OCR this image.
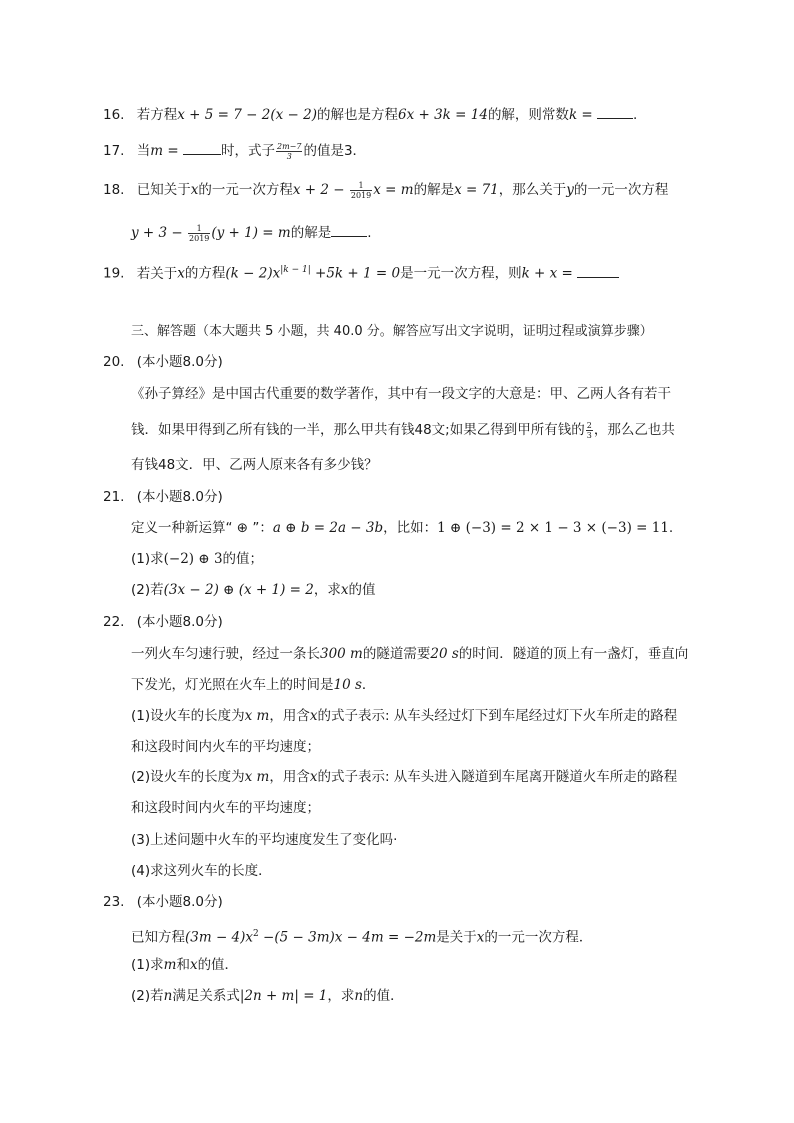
16. 若方程x + 5 = 7 − 2(x − 2)的解也是方程6x + 3k = 14的解，则常数k =	.
17. 当m =	时，式子 $\frac{2m-7}{3}$ 的值是3．
18. 已知关于x的一元一次方程$x + 2 - \frac{1}{2019}$ x = m的解是x = 71，那么关于y的一元一次方程
$y + 3 - \frac{1}{2019} (y + 1) = m$的解是	.
19. 若关于x的方程$(k - 2)x^{|k - 1|} +5k + 1 = 0$是一元一次方程，则k + x =
三、解答题（本大题共 5 小题，共 40.0 分。解答应写出文字说明，证明过程或演算步骤）
20. (本小题8.0分)
《孙子算经》是中国古代重要的数学著作，其中有一段文字的大意是：甲、乙两人各有若干
钱．如果甲得到乙所有钱的一半，那么甲共有钱48文;如果乙得到甲所有钱的 $\frac{2}{3}$ ，那么乙也共
有钱48文．甲、乙两人原来各有多少钱？
21. (本小题8.0分)
定义一种新运算“ ⊕ ”：a ⊕ b = 2a − 3b，比如：1 ⊕ (−3) = 2 × 1 − 3 × (−3) = 11.
(1)求(−2) ⊕ 3的值；
(2)若(3x − 2) ⊕ (x + 1) = 2，求x的值
22. (本小题8.0分)
一列火车匀速行驶，经过一条长300 m的隧道需要20 s的时间．隧道的顶上有一盏灯，垂直向
下发光，灯光照在火车上的时间是10 s．
(1)设火车的长度为x m，用含x的式子表示: 从车头经过灯下到车尾经过灯下火车所走的路程
和这段时间内火车的平均速度；
(2)设火车的长度为x m，用含x的式子表示: 从车头进入隧道到车尾离开隧道火车所走的路程
和这段时间内火车的平均速度；
(3)上述问题中火车的平均速度发生了变化吗·
(4)求这列火车的长度．
23. (本小题8.0分)
已知方程$(3m - 4)x^2 -(5 - 3m)x - 4m = -2m$是关于x的一元一次方程．
(1)求m和x的值．
(2)若n满足关系式|2n + m| = 1，求n的值．
